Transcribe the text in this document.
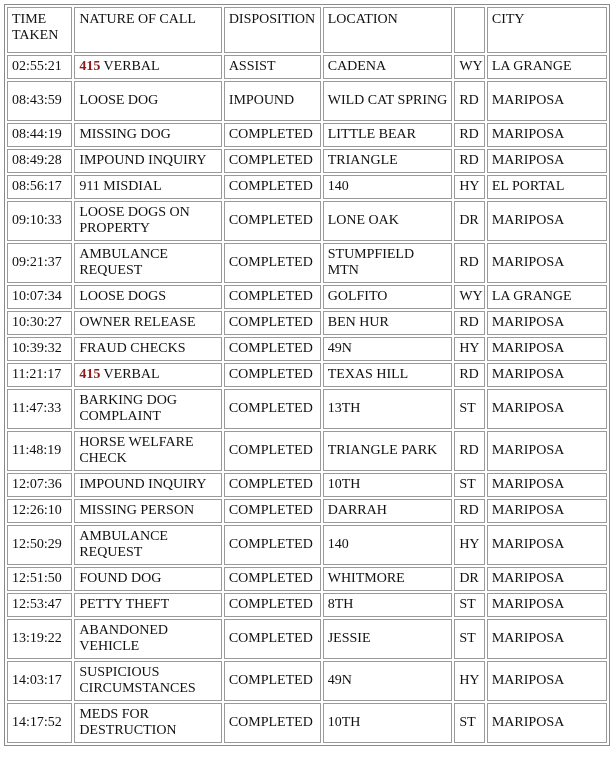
TIME TAKEN	NATURE OF CALL	DISPOSITION	LOCATION		CITY
02:55:21	415 VERBAL	ASSIST	CADENA	WY	LA GRANGE
08:43:59	LOOSE DOG	IMPOUND	WILD CAT SPRING	RD	MARIPOSA
08:44:19	MISSING DOG	COMPLETED	LITTLE BEAR	RD	MARIPOSA
08:49:28	IMPOUND INQUIRY	COMPLETED	TRIANGLE	RD	MARIPOSA
08:56:17	911 MISDIAL	COMPLETED	140	HY	EL PORTAL
09:10:33	LOOSE DOGS ON PROPERTY	COMPLETED	LONE OAK	DR	MARIPOSA
09:21:37	AMBULANCE REQUEST	COMPLETED	STUMPFIELD MTN	RD	MARIPOSA
10:07:34	LOOSE DOGS	COMPLETED	GOLFITO	WY	LA GRANGE
10:30:27	OWNER RELEASE	COMPLETED	BEN HUR	RD	MARIPOSA
10:39:32	FRAUD CHECKS	COMPLETED	49N	HY	MARIPOSA
11:21:17	415 VERBAL	COMPLETED	TEXAS HILL	RD	MARIPOSA
11:47:33	BARKING DOG COMPLAINT	COMPLETED	13TH	ST	MARIPOSA
11:48:19	HORSE WELFARE CHECK	COMPLETED	TRIANGLE PARK	RD	MARIPOSA
12:07:36	IMPOUND INQUIRY	COMPLETED	10TH	ST	MARIPOSA
12:26:10	MISSING PERSON	COMPLETED	DARRAH	RD	MARIPOSA
12:50:29	AMBULANCE REQUEST	COMPLETED	140	HY	MARIPOSA
12:51:50	FOUND DOG	COMPLETED	WHITMORE	DR	MARIPOSA
12:53:47	PETTY THEFT	COMPLETED	8TH	ST	MARIPOSA
13:19:22	ABANDONED VEHICLE	COMPLETED	JESSIE	ST	MARIPOSA
14:03:17	SUSPICIOUS CIRCUMSTANCES	COMPLETED	49N	HY	MARIPOSA
14:17:52	MEDS FOR DESTRUCTION	COMPLETED	10TH	ST	MARIPOSA
